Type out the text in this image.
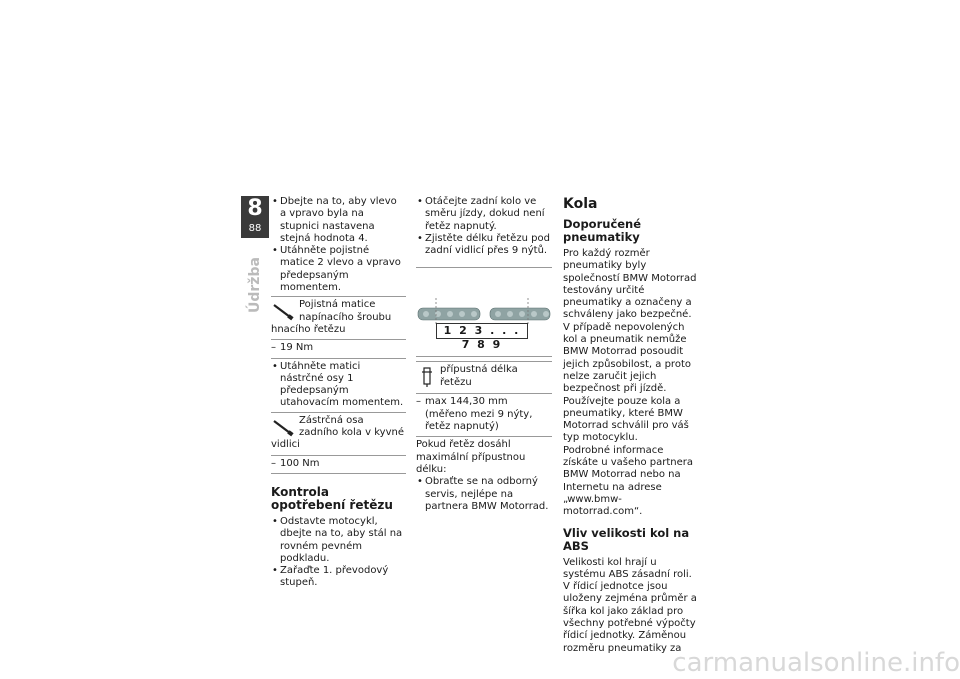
8
88
Údržba
• Dbejte na to, aby vlevo a vpravo byla na stupnici nastavena stejná hodnota 4.
• Utáhněte pojistné matice 2 vlevo a vpravo předepsaným momentem.
Pojistná matice napínacího šroubu hnacího řetězu
– 19 Nm
• Utáhněte matici nástrčné osy 1 předepsaným utahovacím momentem.
Zástrčná osa zadního kola v kyvné vidlici
– 100 Nm
Kontrola opotřebení řetězu
• Odstavte motocykl, dbejte na to, aby stál na rovném pevném podkladu.
• Zařaďte 1. převodový stupeň.
• Otáčejte zadní kolo ve směru jízdy, dokud není řetěz napnutý.
• Zjistěte délku řetězu pod zadní vidlicí přes 9 nýtů.
1 2 3 . . . 7 8 9
přípustná délka řetězu
– max 144,30 mm (měřeno mezi 9 nýty, řetěz napnutý)

Pokud řetěz dosáhl maximální přípustnou délku:

• Obraťte se na odborný servis, nejlépe na partnera BMW Motorrad.
Kola
Doporučené pneumatiky

Pro každý rozměr pneumatiky byly společností BMW Motorrad testovány určité pneumatiky a označeny a schváleny jako bezpečné. V případě nepovolených kol a pneumatik nemůže BMW Motorrad posoudit jejich způsobilost, a proto nelze zaručit jejich bezpečnost při jízdě.

Používejte pouze kola a pneumatiky, které BMW Motorrad schválil pro váš typ motocyklu.

Podrobné informace získáte u vašeho partnera BMW Motorrad nebo na Internetu na adrese „www.bmw-motorrad.com“.

Vliv velikosti kol na ABS

Velikosti kol hrají u systému ABS zásadní roli. V řídicí jednotce jsou uloženy zejména průměr a šířka kol jako základ pro všechny potřebné výpočty řídicí jednotky. Záměnou rozměru pneumatiky za

carmanualsonline.info
